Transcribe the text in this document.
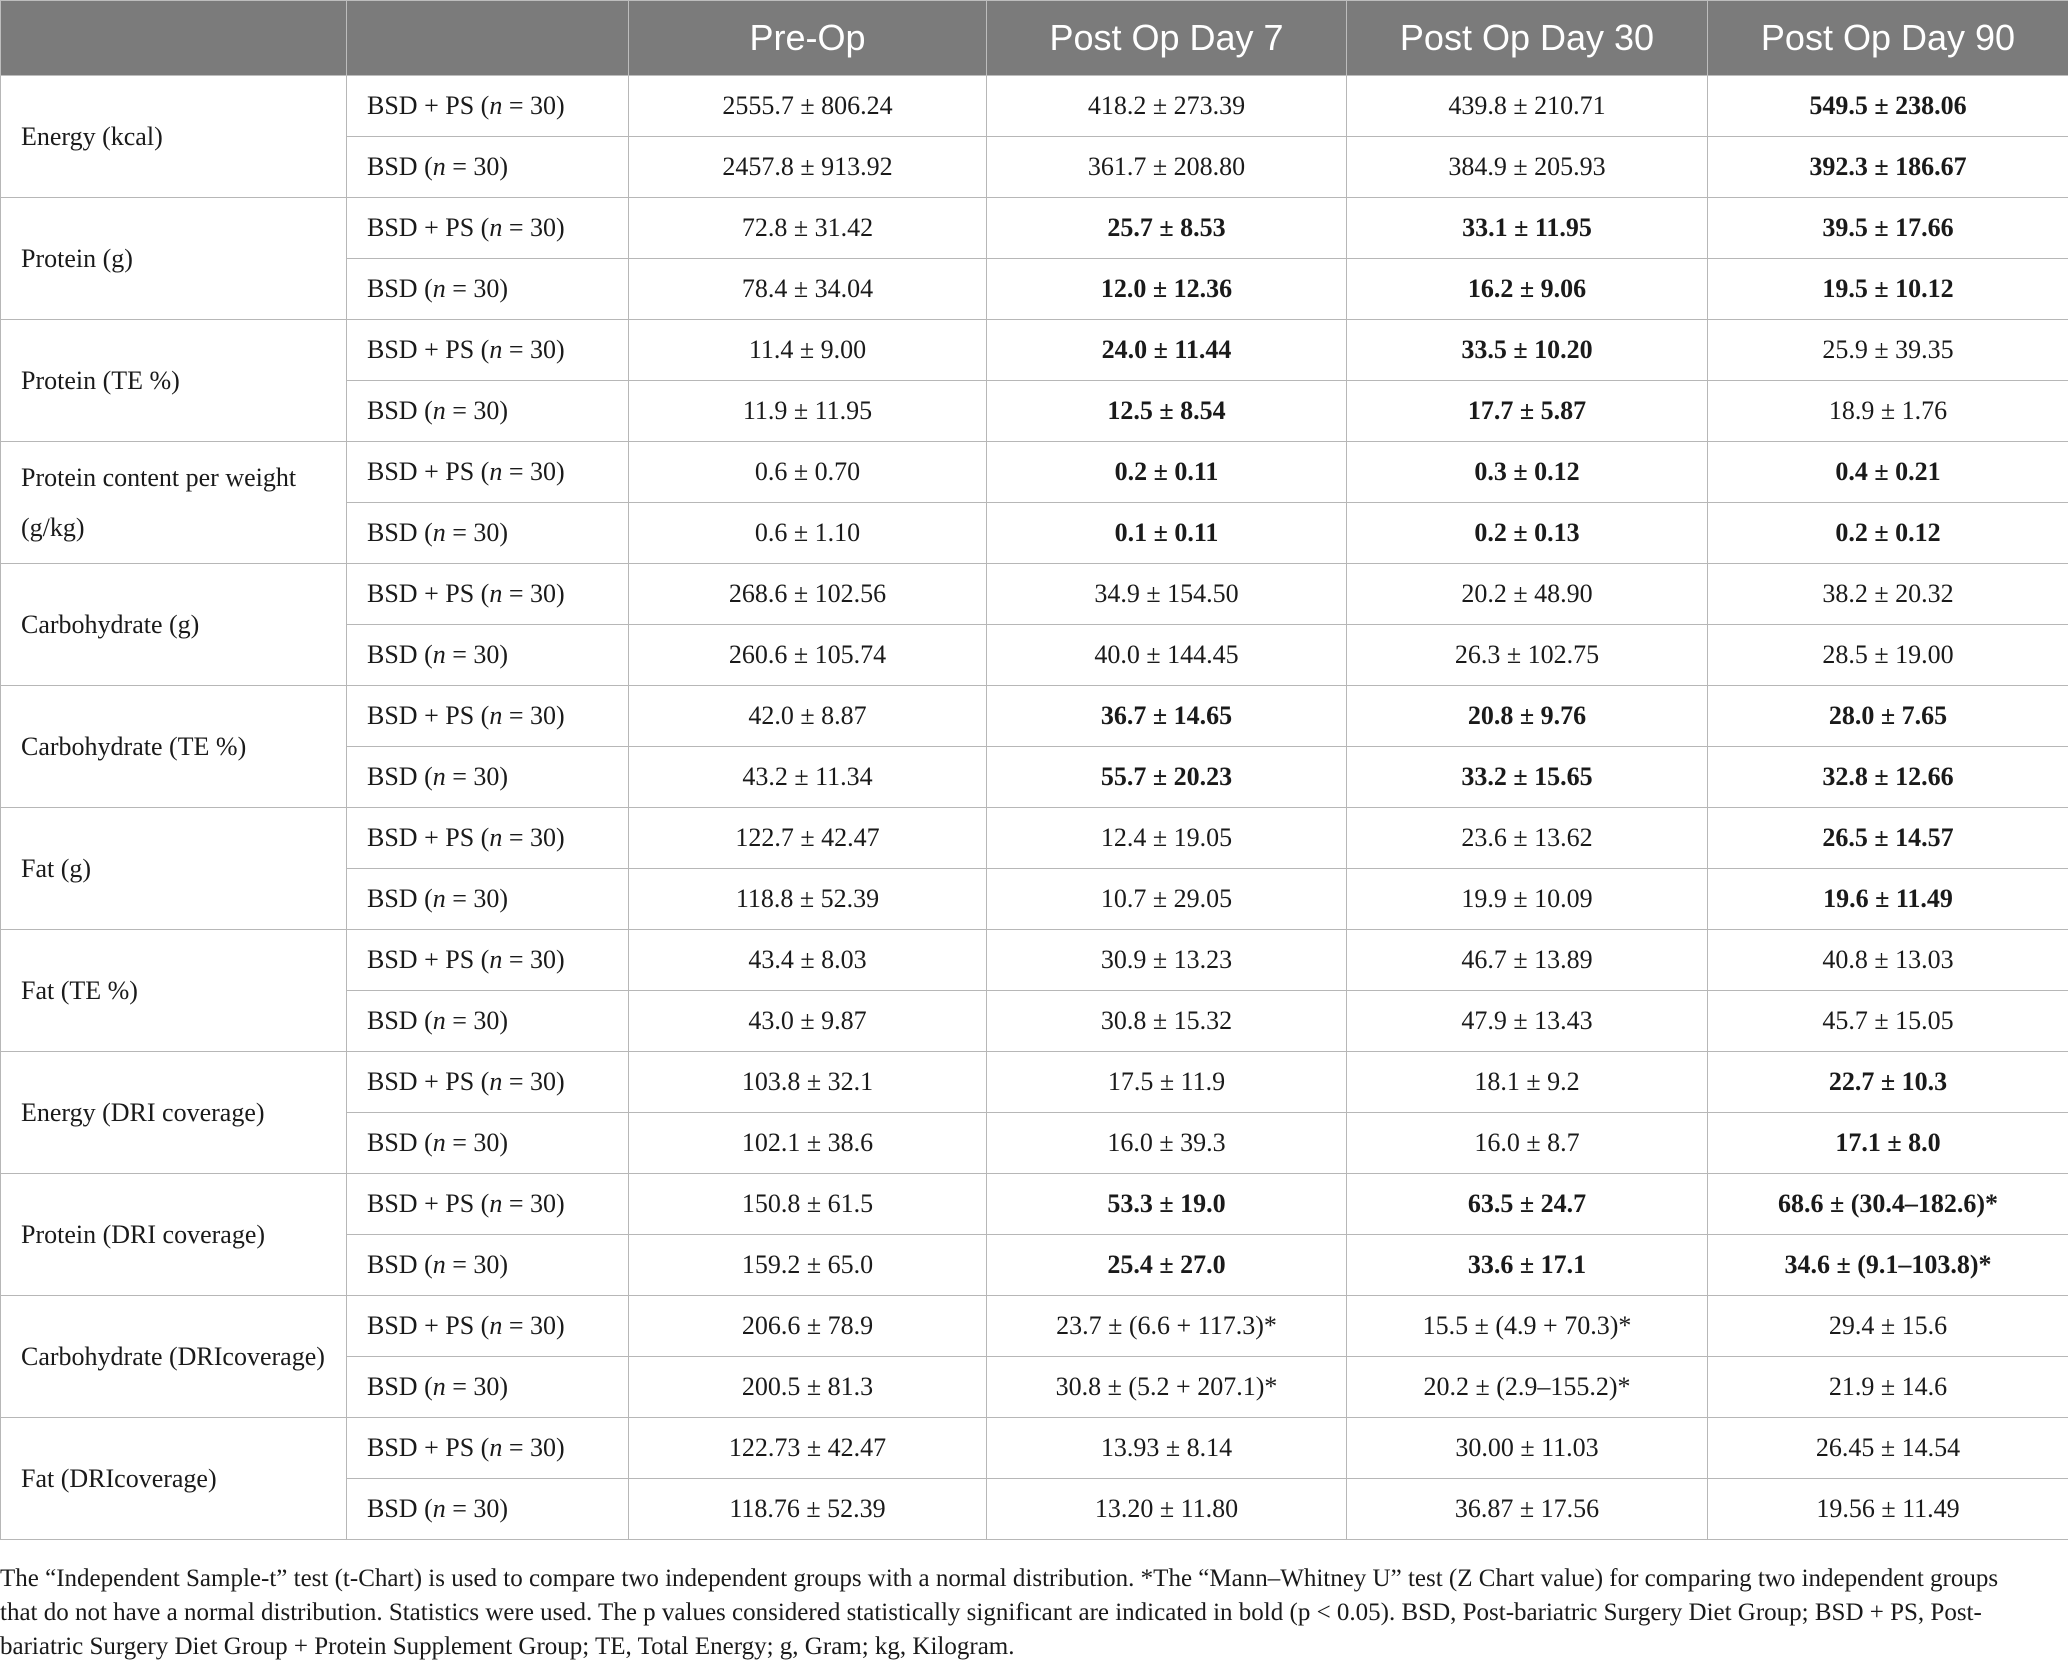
		Pre-Op	Post Op Day 7	Post Op Day 30	Post Op Day 90
Energy (kcal)	BSD + PS (n = 30)	2555.7 ± 806.24	418.2 ± 273.39	439.8 ± 210.71	549.5 ± 238.06
	BSD (n = 30)	2457.8 ± 913.92	361.7 ± 208.80	384.9 ± 205.93	392.3 ± 186.67
Protein (g)	BSD + PS (n = 30)	72.8 ± 31.42	25.7 ± 8.53	33.1 ± 11.95	39.5 ± 17.66
	BSD (n = 30)	78.4 ± 34.04	12.0 ± 12.36	16.2 ± 9.06	19.5 ± 10.12
Protein (TE %)	BSD + PS (n = 30)	11.4 ± 9.00	24.0 ± 11.44	33.5 ± 10.20	25.9 ± 39.35
	BSD (n = 30)	11.9 ± 11.95	12.5 ± 8.54	17.7 ± 5.87	18.9 ± 1.76
Protein content per weight (g/kg)	BSD + PS (n = 30)	0.6 ± 0.70	0.2 ± 0.11	0.3 ± 0.12	0.4 ± 0.21
	BSD (n = 30)	0.6 ± 1.10	0.1 ± 0.11	0.2 ± 0.13	0.2 ± 0.12
Carbohydrate (g)	BSD + PS (n = 30)	268.6 ± 102.56	34.9 ± 154.50	20.2 ± 48.90	38.2 ± 20.32
	BSD (n = 30)	260.6 ± 105.74	40.0 ± 144.45	26.3 ± 102.75	28.5 ± 19.00
Carbohydrate (TE %)	BSD + PS (n = 30)	42.0 ± 8.87	36.7 ± 14.65	20.8 ± 9.76	28.0 ± 7.65
	BSD (n = 30)	43.2 ± 11.34	55.7 ± 20.23	33.2 ± 15.65	32.8 ± 12.66
Fat (g)	BSD + PS (n = 30)	122.7 ± 42.47	12.4 ± 19.05	23.6 ± 13.62	26.5 ± 14.57
	BSD (n = 30)	118.8 ± 52.39	10.7 ± 29.05	19.9 ± 10.09	19.6 ± 11.49
Fat (TE %)	BSD + PS (n = 30)	43.4 ± 8.03	30.9 ± 13.23	46.7 ± 13.89	40.8 ± 13.03
	BSD (n = 30)	43.0 ± 9.87	30.8 ± 15.32	47.9 ± 13.43	45.7 ± 15.05
Energy (DRI coverage)	BSD + PS (n = 30)	103.8 ± 32.1	17.5 ± 11.9	18.1 ± 9.2	22.7 ± 10.3
	BSD (n = 30)	102.1 ± 38.6	16.0 ± 39.3	16.0 ± 8.7	17.1 ± 8.0
Protein (DRI coverage)	BSD + PS (n = 30)	150.8 ± 61.5	53.3 ± 19.0	63.5 ± 24.7	68.6 ± (30.4–182.6)*
	BSD (n = 30)	159.2 ± 65.0	25.4 ± 27.0	33.6 ± 17.1	34.6 ± (9.1–103.8)*
Carbohydrate (DRIcoverage)	BSD + PS (n = 30)	206.6 ± 78.9	23.7 ± (6.6 + 117.3)*	15.5 ± (4.9 + 70.3)*	29.4 ± 15.6
	BSD (n = 30)	200.5 ± 81.3	30.8 ± (5.2 + 207.1)*	20.2 ± (2.9–155.2)*	21.9 ± 14.6
Fat (DRIcoverage)	BSD + PS (n = 30)	122.73 ± 42.47	13.93 ± 8.14	30.00 ± 11.03	26.45 ± 14.54
	BSD (n = 30)	118.76 ± 52.39	13.20 ± 11.80	36.87 ± 17.56	19.56 ± 11.49
The “Independent Sample-t” test (t-Chart) is used to compare two independent groups with a normal distribution. *The “Mann–Whitney U” test (Z Chart value) for comparing two independent groups that do not have a normal distribution. Statistics were used. The p values considered statistically significant are indicated in bold (p < 0.05). BSD, Post-bariatric Surgery Diet Group; BSD + PS, Post-bariatric Surgery Diet Group + Protein Supplement Group; TE, Total Energy; g, Gram; kg, Kilogram.
